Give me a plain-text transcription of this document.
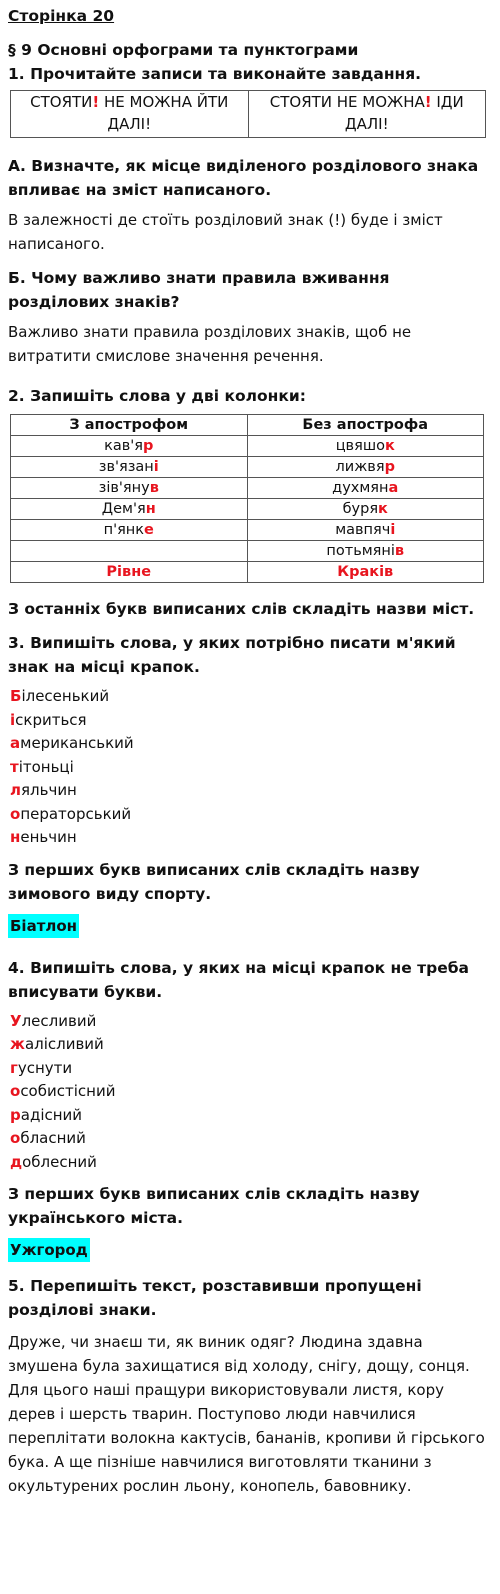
Сторінка 20
§ 9 Основні орфограми та пунктограми
1. Прочитайте записи та виконайте завдання.
СТОЯТИ! НЕ МОЖНА ЙТИ ДАЛІ!	СТОЯТИ НЕ МОЖНА! ІДИ ДАЛІ!
А. Визначте, як місце виділеного розділового знака впливає на зміст написаного.
В залежності де стоїть розділовий знак (!) буде і зміст написаного.
Б. Чому важливо знати правила вживання розділових знаків?
Важливо знати правила розділових знаків, щоб не витратити смислове значення речення.
2. Запишіть слова у дві колонки:
З апострофом	Без апострофа
кав'яр	цвяшок
зв'язані	лижвяр
зів'янув	духмяна
Дем'ян	буряк
п'янке	мавпячі
	потьмянів
Рівне	Краків
З останніх букв виписаних слів складіть назви міст.
3. Випишіть слова, у яких потрібно писати м'який знак на місці крапок.
Білесенький
іскриться
американський
тітоньці
ляльчин
операторський
неньчин
З перших букв виписаних слів складіть назву зимового виду спорту.
Біатлон
4. Випишіть слова, у яких на місці крапок не треба вписувати букви.
Улесливий
жалісливий
гуснути
особистісний
радісний
обласний
доблесний
З перших букв виписаних слів складіть назву українського міста.
Ужгород
5. Перепишіть текст, розставивши пропущені розділові знаки.
Друже, чи знаєш ти, як виник одяг? Людина здавна змушена була захищатися від холоду, снігу, дощу, сонця. Для цього наші пращури використовували листя, кору дерев і шерсть тварин. Поступово люди навчилися переплітати волокна кактусів, бананів, кропиви й гірського бука. А ще пізніше навчилися виготовляти тканини з окультурених рослин льону, конопель, бавовнику.
